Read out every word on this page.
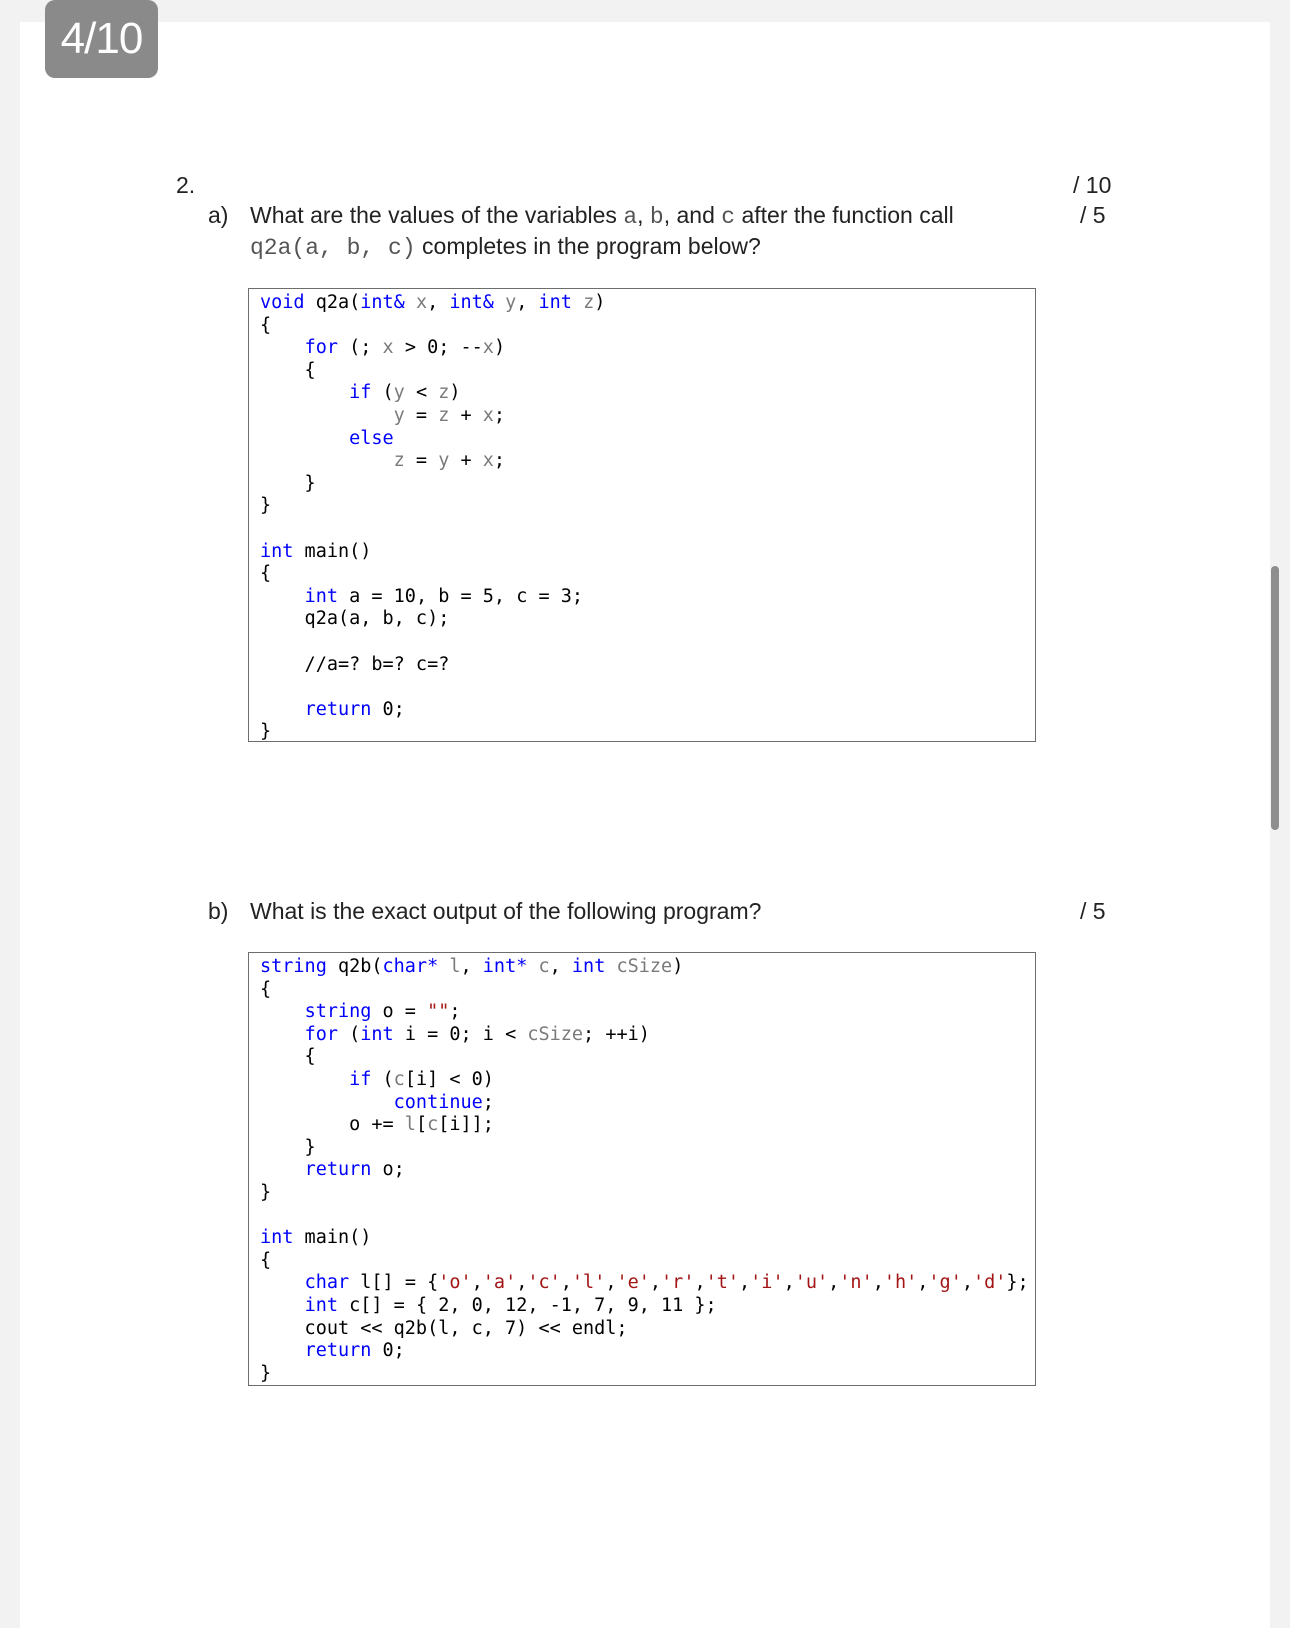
4/10
2.	/ 10
a) What are the values of the variables a, b, and c after the function call
q2a(a, b, c) completes in the program below?
/ 5
void q2a(int& x, int& y, int z)
{
for (; x > 0; --x)
{
if (y < z)
y = z + x;
else
z = y + x;
}
}

int main()
{
int a = 10, b = 5, c = 3;
q2a(a, b, c);

//a=? b=? c=?

return 0;
}
b) What is the exact output of the following program?	/ 5
string q2b(char* l, int* c, int cSize)
{
string o = "";
for (int i = 0; i < cSize; ++i)
{
if (c[i] < 0)
continue;
o += l[c[i]];
}
return o;
}

int main()
{
char l[] = {'o','a','c','l','e','r','t','i','u','n','h','g','d'};
int c[] = { 2, 0, 12, -1, 7, 9, 11 };
cout << q2b(l, c, 7) << endl;
return 0;
}
